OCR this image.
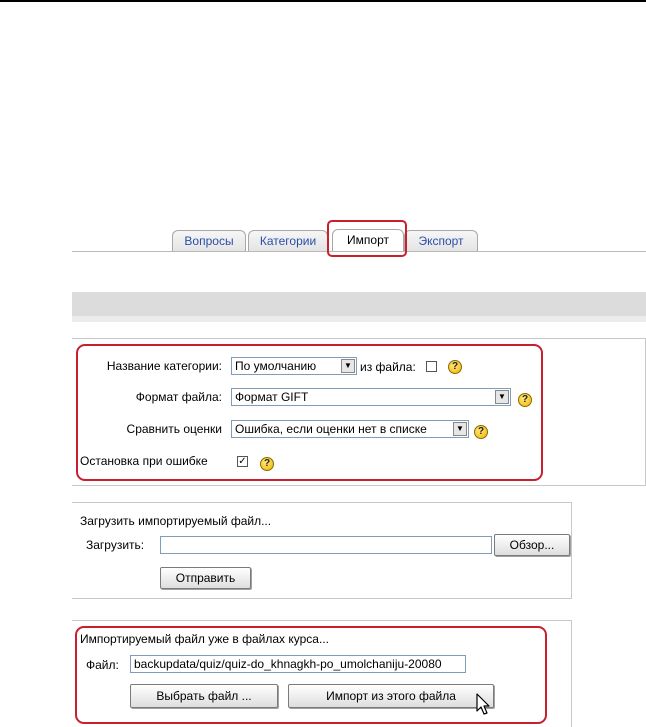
Вопросы	Категории	Импорт	Экспорт
Название категории:	По умолчанию	▼ из файла:	?
Формат файла:	Формат GIFT	▼	?
Сравнить оценки	Ошибка, если оценки нет в списке	▼	?
Остановка при ошибке	✓	?
Загрузить импортируемый файл...
Загрузить:	Обзор...
Отправить
Импортируемый файл уже в файлах курса...
Файл:	backupdata/quiz/quiz-do_khnagkh-po_umolchaniju-20080
Выбрать файл ...	Импорт из этого файла
